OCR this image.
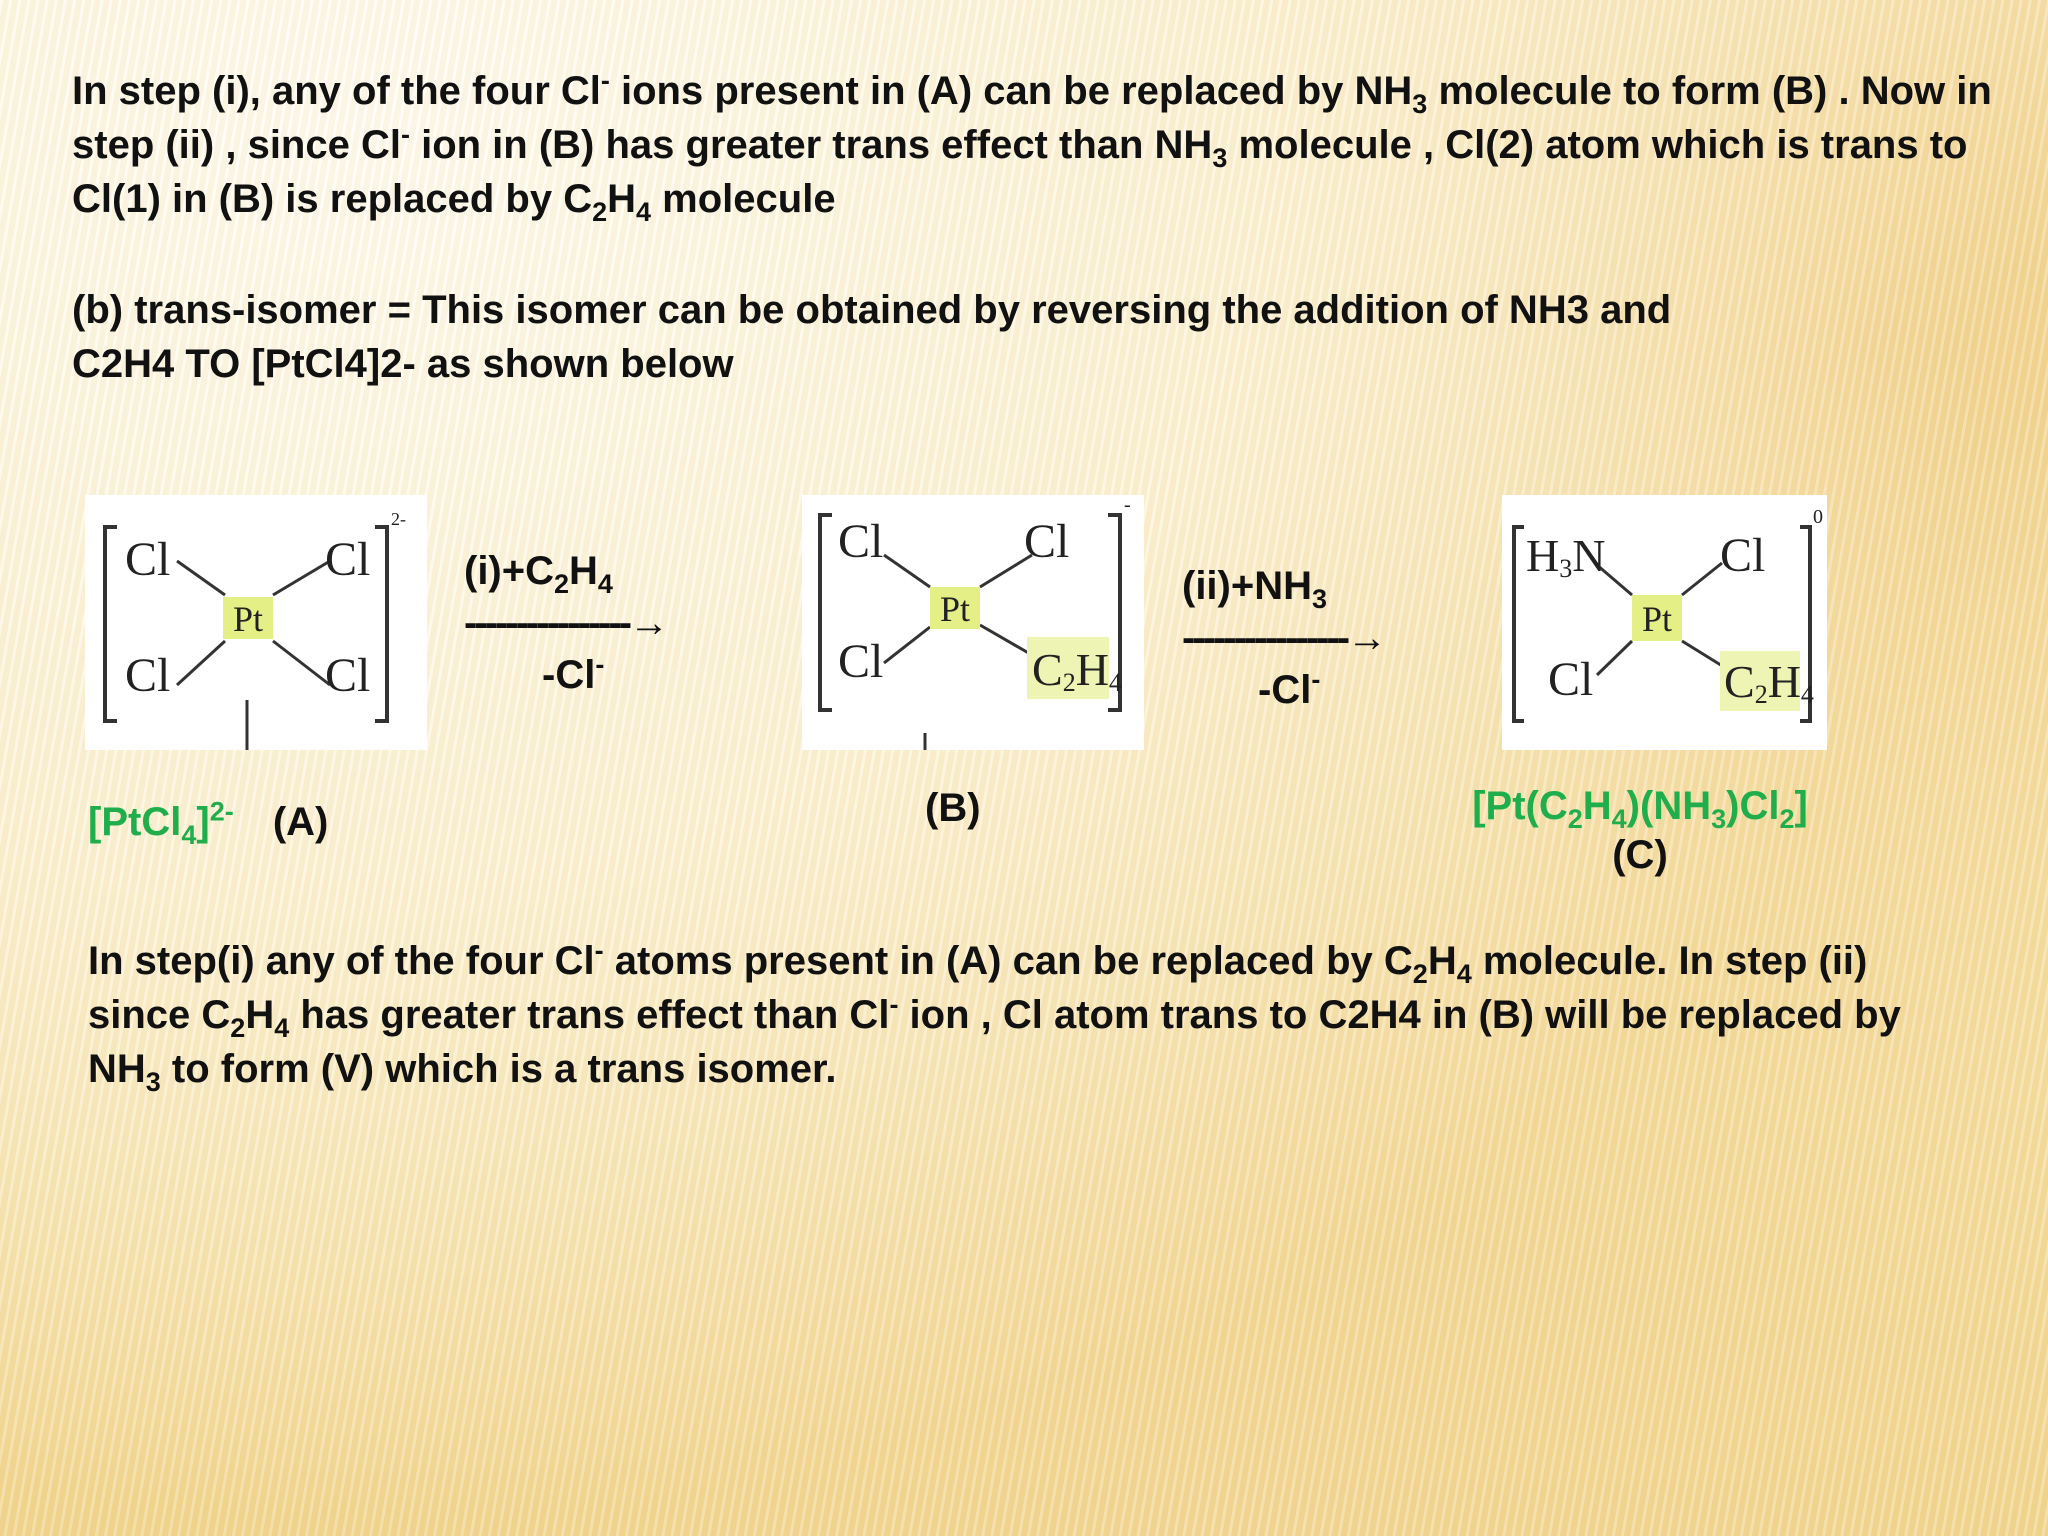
In step (i), any of the four Cl- ions present in (A) can be replaced by $NH_3$ molecule to form (B) . Now in step (ii) , since Cl- ion in (B) has greater trans effect than $NH_3$ molecule , Cl(2) atom which is trans to Cl(1) in (B) is replaced by $C_2H_4$ molecule

(b) trans-isomer = This isomer can be obtained by reversing the addition of NH3 and
C2H4 TO [PtCl4]2- as shown below

Pt
Cl	Cl
Cl	Cl
2-
$(i)+C_2H_4$
----------------→
-Cl-
Pt
Cl	Cl
Cl	C2H4
-
$(ii)+NH_3$
----------------→
-Cl-
Pt
H3N Cl
Cl	C2H4
0
[PtCl$_4$]$^{2-}$ (A)	(B)	$[Pt(C_2H_4)(NH_3)Cl_2]$
(C)

In step(i) any of the four Cl- atoms present in (A) can be replaced by $C_2H_4$ molecule. In step (ii) since $C_2H_4$ has greater trans effect than Cl- ion , Cl atom trans to C2H4 in (B) will be replaced by $NH_3$ to form (V) which is a trans isomer.
